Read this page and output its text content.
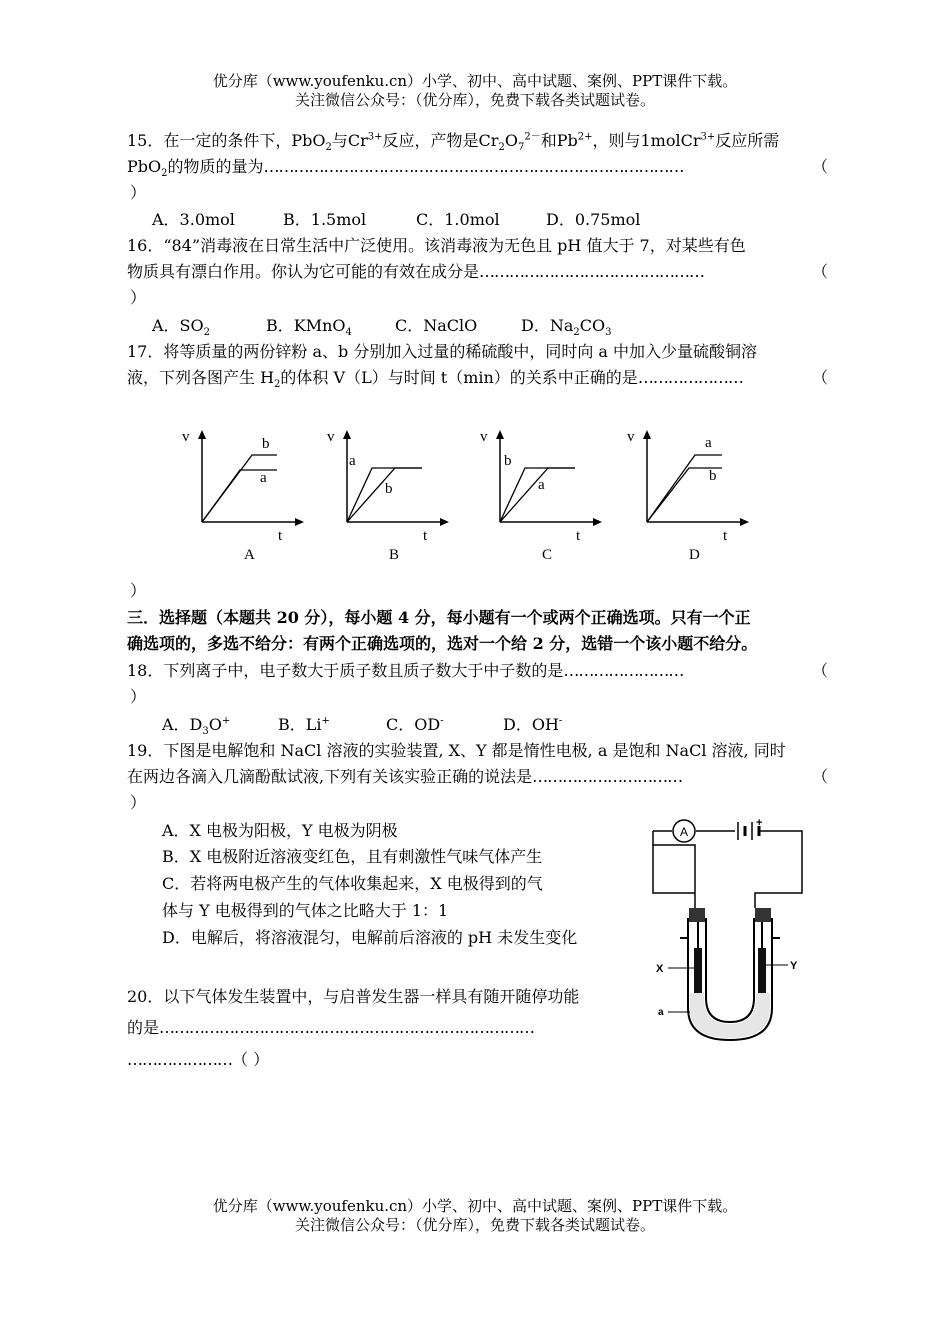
优分库（www.youfenku.cn）小学、初中、高中试题、案例、PPT课件下载。
关注微信公众号：（优分库），免费下载各类试题试卷。
15．在一定的条件下，PbO$_2$与$Cr^{3+}$反应，产物是$Cr_2O_7^{2-}$和$Pb^{2+}$，则与1molCr$^{3+}$反应所需
PbO$_2$的物质的量为…………………………………………………………………………	（
）
A．3.0mol	B．1.5mol	C．1.0mol	D．0.75mol
16．“84”消毒液在日常生活中广泛使用。该消毒液为无色且 pH 值大于 7，对某些有色
物质具有漂白作用。你认为它可能的有效在成分是………………………………………	（
）
A．$SO_2$	B．KMnO$_4$	C．NaClO	D．$Na_2CO_3$
17．将等质量的两份锌粉 a、b 分别加入过量的稀硫酸中，同时向 a 中加入少量硫酸铜溶
液，下列各图产生 $H_2$的体积 V（L）与时间 t（min）的关系中正确的是…………………	（
v
t
b
a
A
v
t
a
b
B
v
t
b
a
C
v
t
a
b
D
）
三．选择题（本题共 20 分），每小题 4 分，每小题有一个或两个正确选项。只有一个正
确选项的，多选不给分：有两个正确选项的，选对一个给 2 分，选错一个该小题不给分。
18．下列离子中，电子数大于质子数且质子数大于中子数的是……………………	（
）
A．$D_3O^+$	B．Li+	C．OD-	D．OH-
19．下图是电解饱和 NaCl 溶液的实验装置, X、Y 都是惰性电极, a 是饱和 NaCl 溶液, 同时
在两边各滴入几滴酚酞试液,下列有关该实验正确的说法是…………………………	（
）
A．X 电极为阳极，Y 电极为阴极
B．X 电极附近溶液变红色，且有刺激性气味气体产生
C．若将两电极产生的气体收集起来，X 电极得到的气
体与 Y 电极得到的气体之比略大于 1：1
D．电解后，将溶液混匀，电解前后溶液的 pH 未发生变化
A
+
X	Y
a
20．以下气体发生装置中，与启普发生器一样具有随开随停功能
的是…………………………………………………………………
…………………（ ）
优分库（www.youfenku.cn）小学、初中、高中试题、案例、PPT课件下载。
关注微信公众号：（优分库），免费下载各类试题试卷。
